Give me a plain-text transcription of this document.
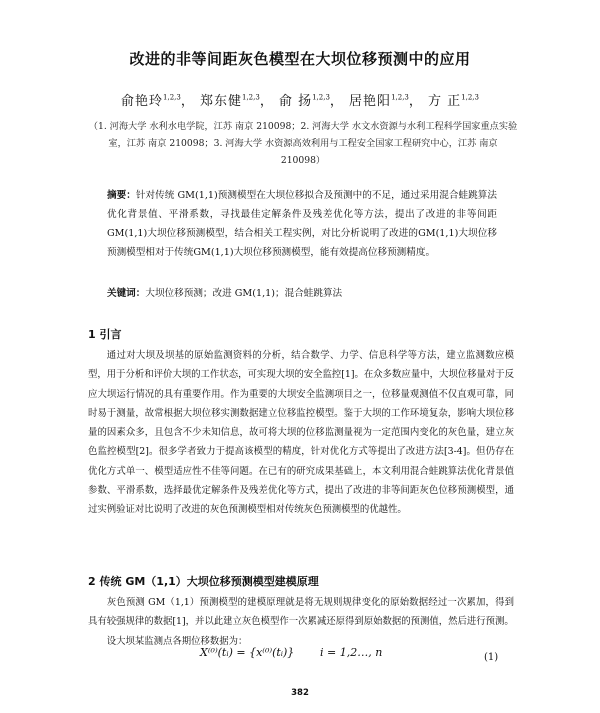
改进的非等间距灰色模型在大坝位移预测中的应用
俞艳玲$^{1,2,3}$， 郑东健$^{1,2,3}$， 俞 扬$^{1,2,3}$， 居艳阳$^{1,2,3}$， 方 正$^{1,2,3}$
（1. 河海大学 水利水电学院，江苏 南京 210098；2. 河海大学 水文水资源与水利工程科学国家重点实验室，江苏 南京 210098；3. 河海大学 水资源高效利用与工程安全国家工程研究中心，江苏 南京 210098）
摘要：针对传统 GM(1,1)预测模型在大坝位移拟合及预测中的不足，通过采用混合蛙跳算法优化背景值、平滑系数，寻找最佳定解条件及残差优化等方法，提出了改进的非等间距 GM(1,1)大坝位移预测模型，结合相关工程实例，对比分析说明了改进的GM(1,1)大坝位移预测模型相对于传统GM(1,1)大坝位移预测模型，能有效提高位移预测精度。
关键词：大坝位移预测；改进 GM(1,1)；混合蛙跳算法
1 引言

通过对大坝及坝基的原始监测资料的分析，结合数学、力学、信息科学等方法，建立监测数应模型，用于分析和评价大坝的工作状态，可实现大坝的安全监控[1]。在众多数应量中，大坝位移量对于反应大坝运行情况的具有重要作用。作为重要的大坝安全监测项目之一，位移量观测值不仅直观可靠，同时易于测量，故常根据大坝位移实测数据建立位移监控模型。鉴于大坝的工作环境复杂，影响大坝位移量的因素众多，且包含不少未知信息，故可将大坝的位移监测量视为一定范围内变化的灰色量，建立灰色监控模型[2]。很多学者致力于提高该模型的精度，针对优化方式等提出了改进方法[3-4]。但仍存在优化方式单一、模型适应性不佳等问题。在已有的研究成果基础上，本文利用混合蛙跳算法优化背景值参数、平滑系数，选择最优定解条件及残差优化等方式，提出了改进的非等间距灰色位移预测模型，通过实例验证对比说明了改进的灰色预测模型相对传统灰色预测模型的优越性。

2 传统 GM（1,1）大坝位移预测模型建模原理

灰色预测 GM（1,1）预测模型的建模原理就是将无规则规律变化的原始数据经过一次累加，得到具有较强规律的数据[1]，并以此建立灰色模型作一次累减还原得到原始数据的预测值，然后进行预测。

设大坝某监测点各期位移数据为：

X⁽⁰⁾(tᵢ) = {x⁽⁰⁾(tᵢ)} i = 1,2…, n	(1)
382
